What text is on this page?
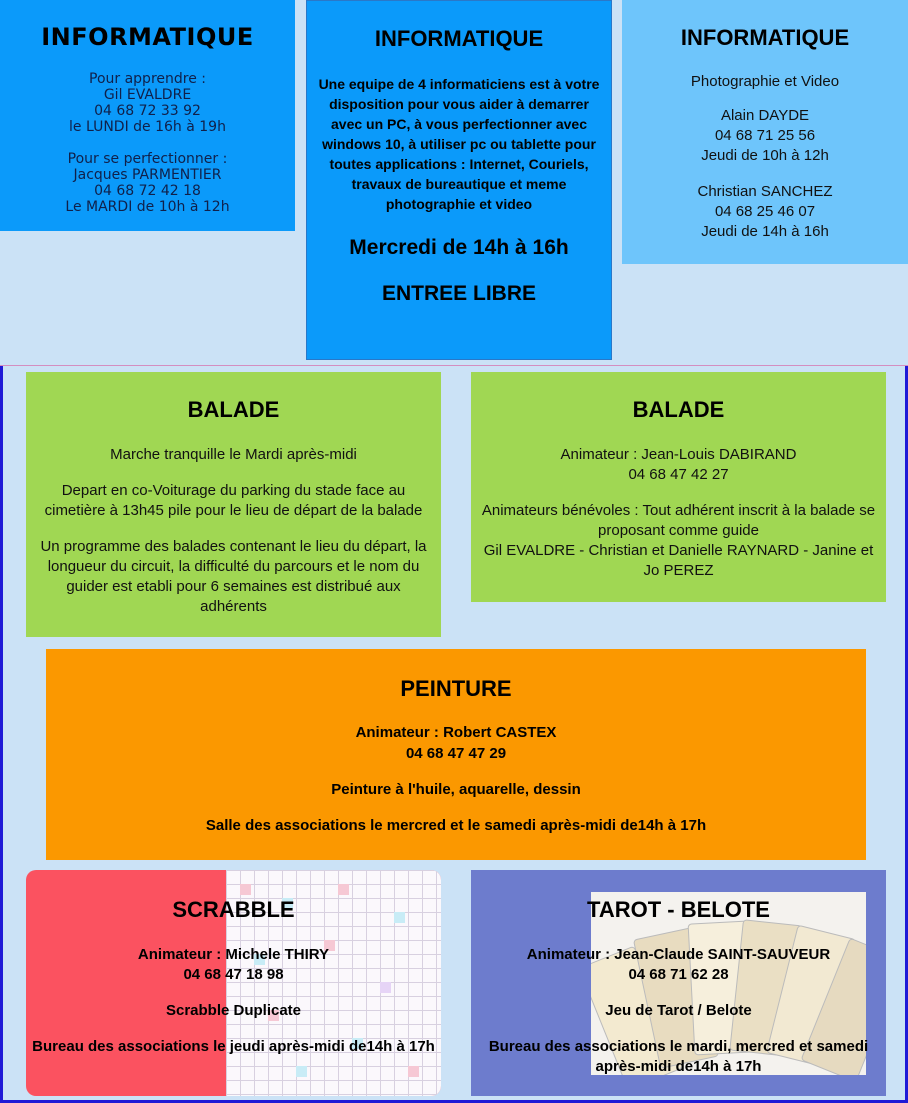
INFORMATIQUE

Pour apprendre :

Gil EVALDRE

04 68 72 33 92

le LUNDI de 16h à 19h

Pour se perfectionner :

Jacques PARMENTIER

04 68 72 42 18

Le MARDI de 10h à 12h

INFORMATIQUE

Une equipe de 4 informaticiens est à votre disposition pour vous aider à demarrer avec un PC, à vous perfectionner avec windows 10, à utiliser pc ou tablette pour toutes applications : Internet, Couriels, travaux de bureautique et meme photographie et video

Mercredi de 14h à 16h

ENTREE LIBRE

INFORMATIQUE

Photographie et Video

Alain DAYDE

04 68 71 25 56

Jeudi de 10h à 12h

Christian SANCHEZ

04 68 25 46 07

Jeudi de 14h à 16h

BALADE

Marche tranquille le Mardi après-midi

Depart en co-Voiturage du parking du stade face au cimetière à 13h45 pile pour le lieu de départ de la balade

Un programme des balades contenant le lieu du départ, la longueur du circuit, la difficulté du parcours et le nom du guider est etabli pour 6 semaines est distribué aux adhérents

BALADE

Animateur : Jean-Louis DABIRAND

04 68 47 42 27

Animateurs bénévoles : Tout adhérent inscrit à la balade se proposant comme guide

Gil EVALDRE - Christian et Danielle RAYNARD - Janine et Jo PEREZ

PEINTURE

Animateur : Robert CASTEX

04 68 47 47 29

Peinture à l'huile, aquarelle, dessin

Salle des associations le mercred et le samedi après-midi de14h à 17h

SCRABBLE

Animateur : Michele THIRY

04 68 47 18 98

Scrabble Duplicate

Bureau des associations le jeudi après-midi de14h à 17h

TAROT - BELOTE

Animateur : Jean-Claude SAINT-SAUVEUR

04 68 71 62 28

Jeu de Tarot / Belote

Bureau des associations le mardi, mercred et samedi après-midi de14h à 17h
